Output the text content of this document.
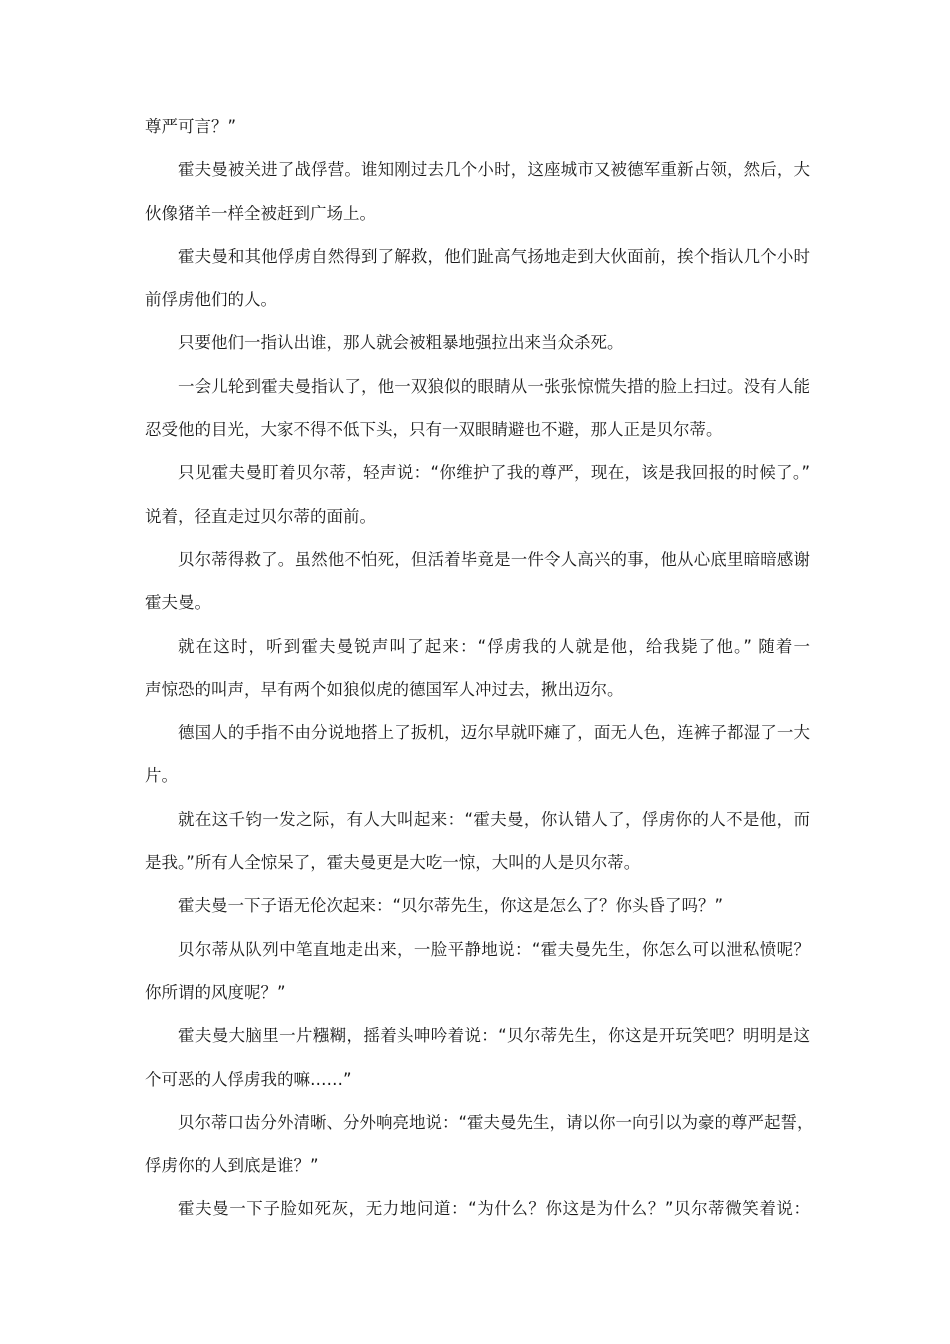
尊严可言？”
霍夫曼被关进了战俘营。谁知刚过去几个小时，这座城市又被德军重新占领，然后，大
伙像猪羊一样全被赶到广场上。
霍夫曼和其他俘虏自然得到了解救，他们趾高气扬地走到大伙面前，挨个指认几个小时
前俘虏他们的人。
只要他们一指认出谁，那人就会被粗暴地强拉出来当众杀死。
一会儿轮到霍夫曼指认了，他一双狼似的眼睛从一张张惊慌失措的脸上扫过。没有人能
忍受他的目光，大家不得不低下头，只有一双眼睛避也不避，那人正是贝尔蒂。
只见霍夫曼盯着贝尔蒂，轻声说：“你维护了我的尊严，现在，该是我回报的时候了。”
说着，径直走过贝尔蒂的面前。
贝尔蒂得救了。虽然他不怕死，但活着毕竟是一件令人高兴的事，他从心底里暗暗感谢
霍夫曼。
就在这时，听到霍夫曼锐声叫了起来：“俘虏我的人就是他，给我毙了他。” 随着一
声惊恐的叫声，早有两个如狼似虎的德国军人冲过去，揪出迈尔。
德国人的手指不由分说地搭上了扳机，迈尔早就吓瘫了，面无人色，连裤子都湿了一大
片。
就在这千钧一发之际，有人大叫起来：“霍夫曼，你认错人了，俘虏你的人不是他，而
是我。”所有人全惊呆了，霍夫曼更是大吃一惊，大叫的人是贝尔蒂。
霍夫曼一下子语无伦次起来：“贝尔蒂先生，你这是怎么了？你头昏了吗？”
贝尔蒂从队列中笔直地走出来，一脸平静地说：“霍夫曼先生，你怎么可以泄私愤呢？
你所谓的风度呢？”
霍夫曼大脑里一片糨糊，摇着头呻吟着说：“贝尔蒂先生，你这是开玩笑吧？明明是这
个可恶的人俘虏我的嘛……”
贝尔蒂口齿分外清晰、分外响亮地说：“霍夫曼先生，请以你一向引以为豪的尊严起誓，
俘虏你的人到底是谁？”
霍夫曼一下子脸如死灰，无力地问道：“为什么？你这是为什么？”贝尔蒂微笑着说：
